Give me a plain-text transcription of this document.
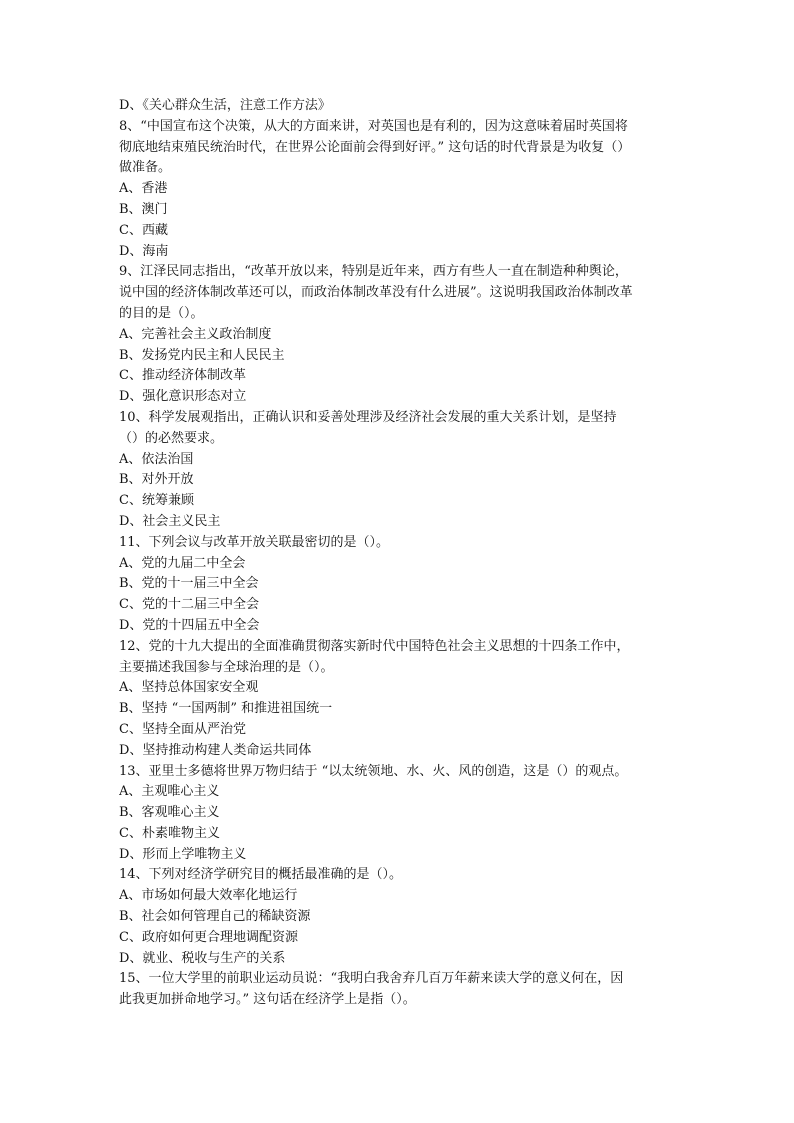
D、《关心群众生活，注意工作方法》
8、“中国宣布这个决策，从大的方面来讲，对英国也是有利的，因为这意味着届时英国将
彻底地结束殖民统治时代，在世界公论面前会得到好评。” 这句话的时代背景是为收复（）
做准备。
A、香港
B、澳门
C、西藏
D、海南
9、江泽民同志指出，“改革开放以来，特别是近年来，西方有些人一直在制造种种舆论，
说中国的经济体制改革还可以，而政治体制改革没有什么进展”。这说明我国政治体制改革
的目的是（）。
A、完善社会主义政治制度
B、发扬党内民主和人民民主
C、推动经济体制改革
D、强化意识形态对立
10、科学发展观指出，正确认识和妥善处理涉及经济社会发展的重大关系计划，是坚持
（）的必然要求。
A、依法治国
B、对外开放
C、统筹兼顾
D、社会主义民主
11、下列会议与改革开放关联最密切的是（）。
A、党的九届二中全会
B、党的十一届三中全会
C、党的十二届三中全会
D、党的十四届五中全会
12、党的十九大提出的全面准确贯彻落实新时代中国特色社会主义思想的十四条工作中，
主要描述我国参与全球治理的是（）。
A、坚持总体国家安全观
B、坚持 “一国两制” 和推进祖国统一
C、坚持全面从严治党
D、坚持推动构建人类命运共同体
13、亚里士多德将世界万物归结于 “以太统领地、水、火、风的创造，这是（）的观点。
A、主观唯心主义
B、客观唯心主义
C、朴素唯物主义
D、形而上学唯物主义
14、下列对经济学研究目的概括最准确的是（）。
A、市场如何最大效率化地运行
B、社会如何管理自己的稀缺资源
C、政府如何更合理地调配资源
D、就业、税收与生产的关系
15、一位大学里的前职业运动员说：“我明白我舍弃几百万年薪来读大学的意义何在，因
此我更加拼命地学习。” 这句话在经济学上是指（）。
